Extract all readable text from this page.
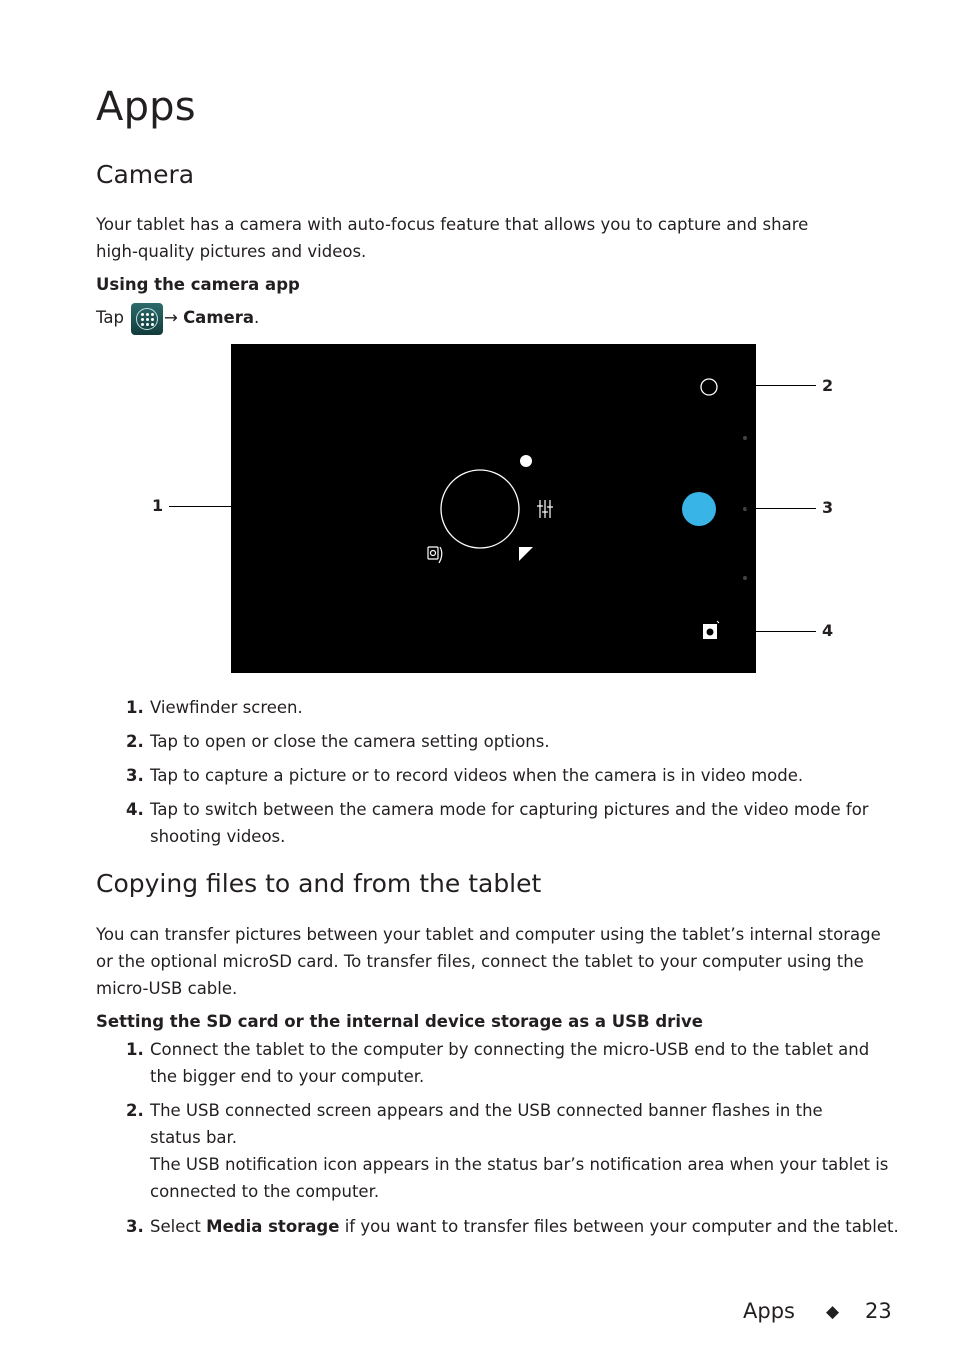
Apps
Camera
Your tablet has a camera with auto-focus feature that allows you to capture and share high-quality pictures and videos.
Using the camera app
Tap → Camera.
A
1
2
3
4
1. Viewfinder screen.
2. Tap to open or close the camera setting options.
3. Tap to capture a picture or to record videos when the camera is in video mode.
4. Tap to switch between the camera mode for capturing pictures and the video mode for shooting videos.
Copying files to and from the tablet
You can transfer pictures between your tablet and computer using the tablet’s internal storage or the optional microSD card. To transfer files, connect the tablet to your computer using the micro-USB cable.
Setting the SD card or the internal device storage as a USB drive
1. Connect the tablet to the computer by connecting the micro-USB end to the tablet and the bigger end to your computer.
2. The USB connected screen appears and the USB connected banner flashes in the status bar.
The USB notification icon appears in the status bar’s notification area when your tablet is connected to the computer.
3. Select Media storage if you want to transfer files between your computer and the tablet.
Apps ◆ 23
